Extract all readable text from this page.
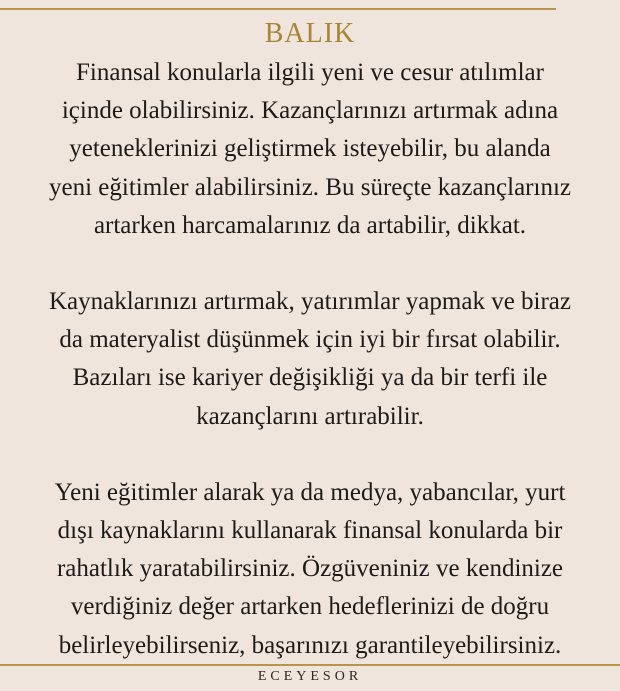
BALIK

Finansal konularla ilgili yeni ve cesur atılımlar
içinde olabilirsiniz. Kazançlarınızı artırmak adına
yeteneklerinizi geliştirmek isteyebilir, bu alanda
yeni eğitimler alabilirsiniz. Bu süreçte kazançlarınız
artarken harcamalarınız da artabilir, dikkat.

Kaynaklarınızı artırmak, yatırımlar yapmak ve biraz
da materyalist düşünmek için iyi bir fırsat olabilir.
Bazıları ise kariyer değişikliği ya da bir terfi ile
kazançlarını artırabilir.

Yeni eğitimler alarak ya da medya, yabancılar, yurt
dışı kaynaklarını kullanarak finansal konularda bir
rahatlık yaratabilirsiniz. Özgüveniniz ve kendinize
verdiğiniz değer artarken hedeflerinizi de doğru
belirleyebilirseniz, başarınızı garantileyebilirsiniz.

ECEYESOR
